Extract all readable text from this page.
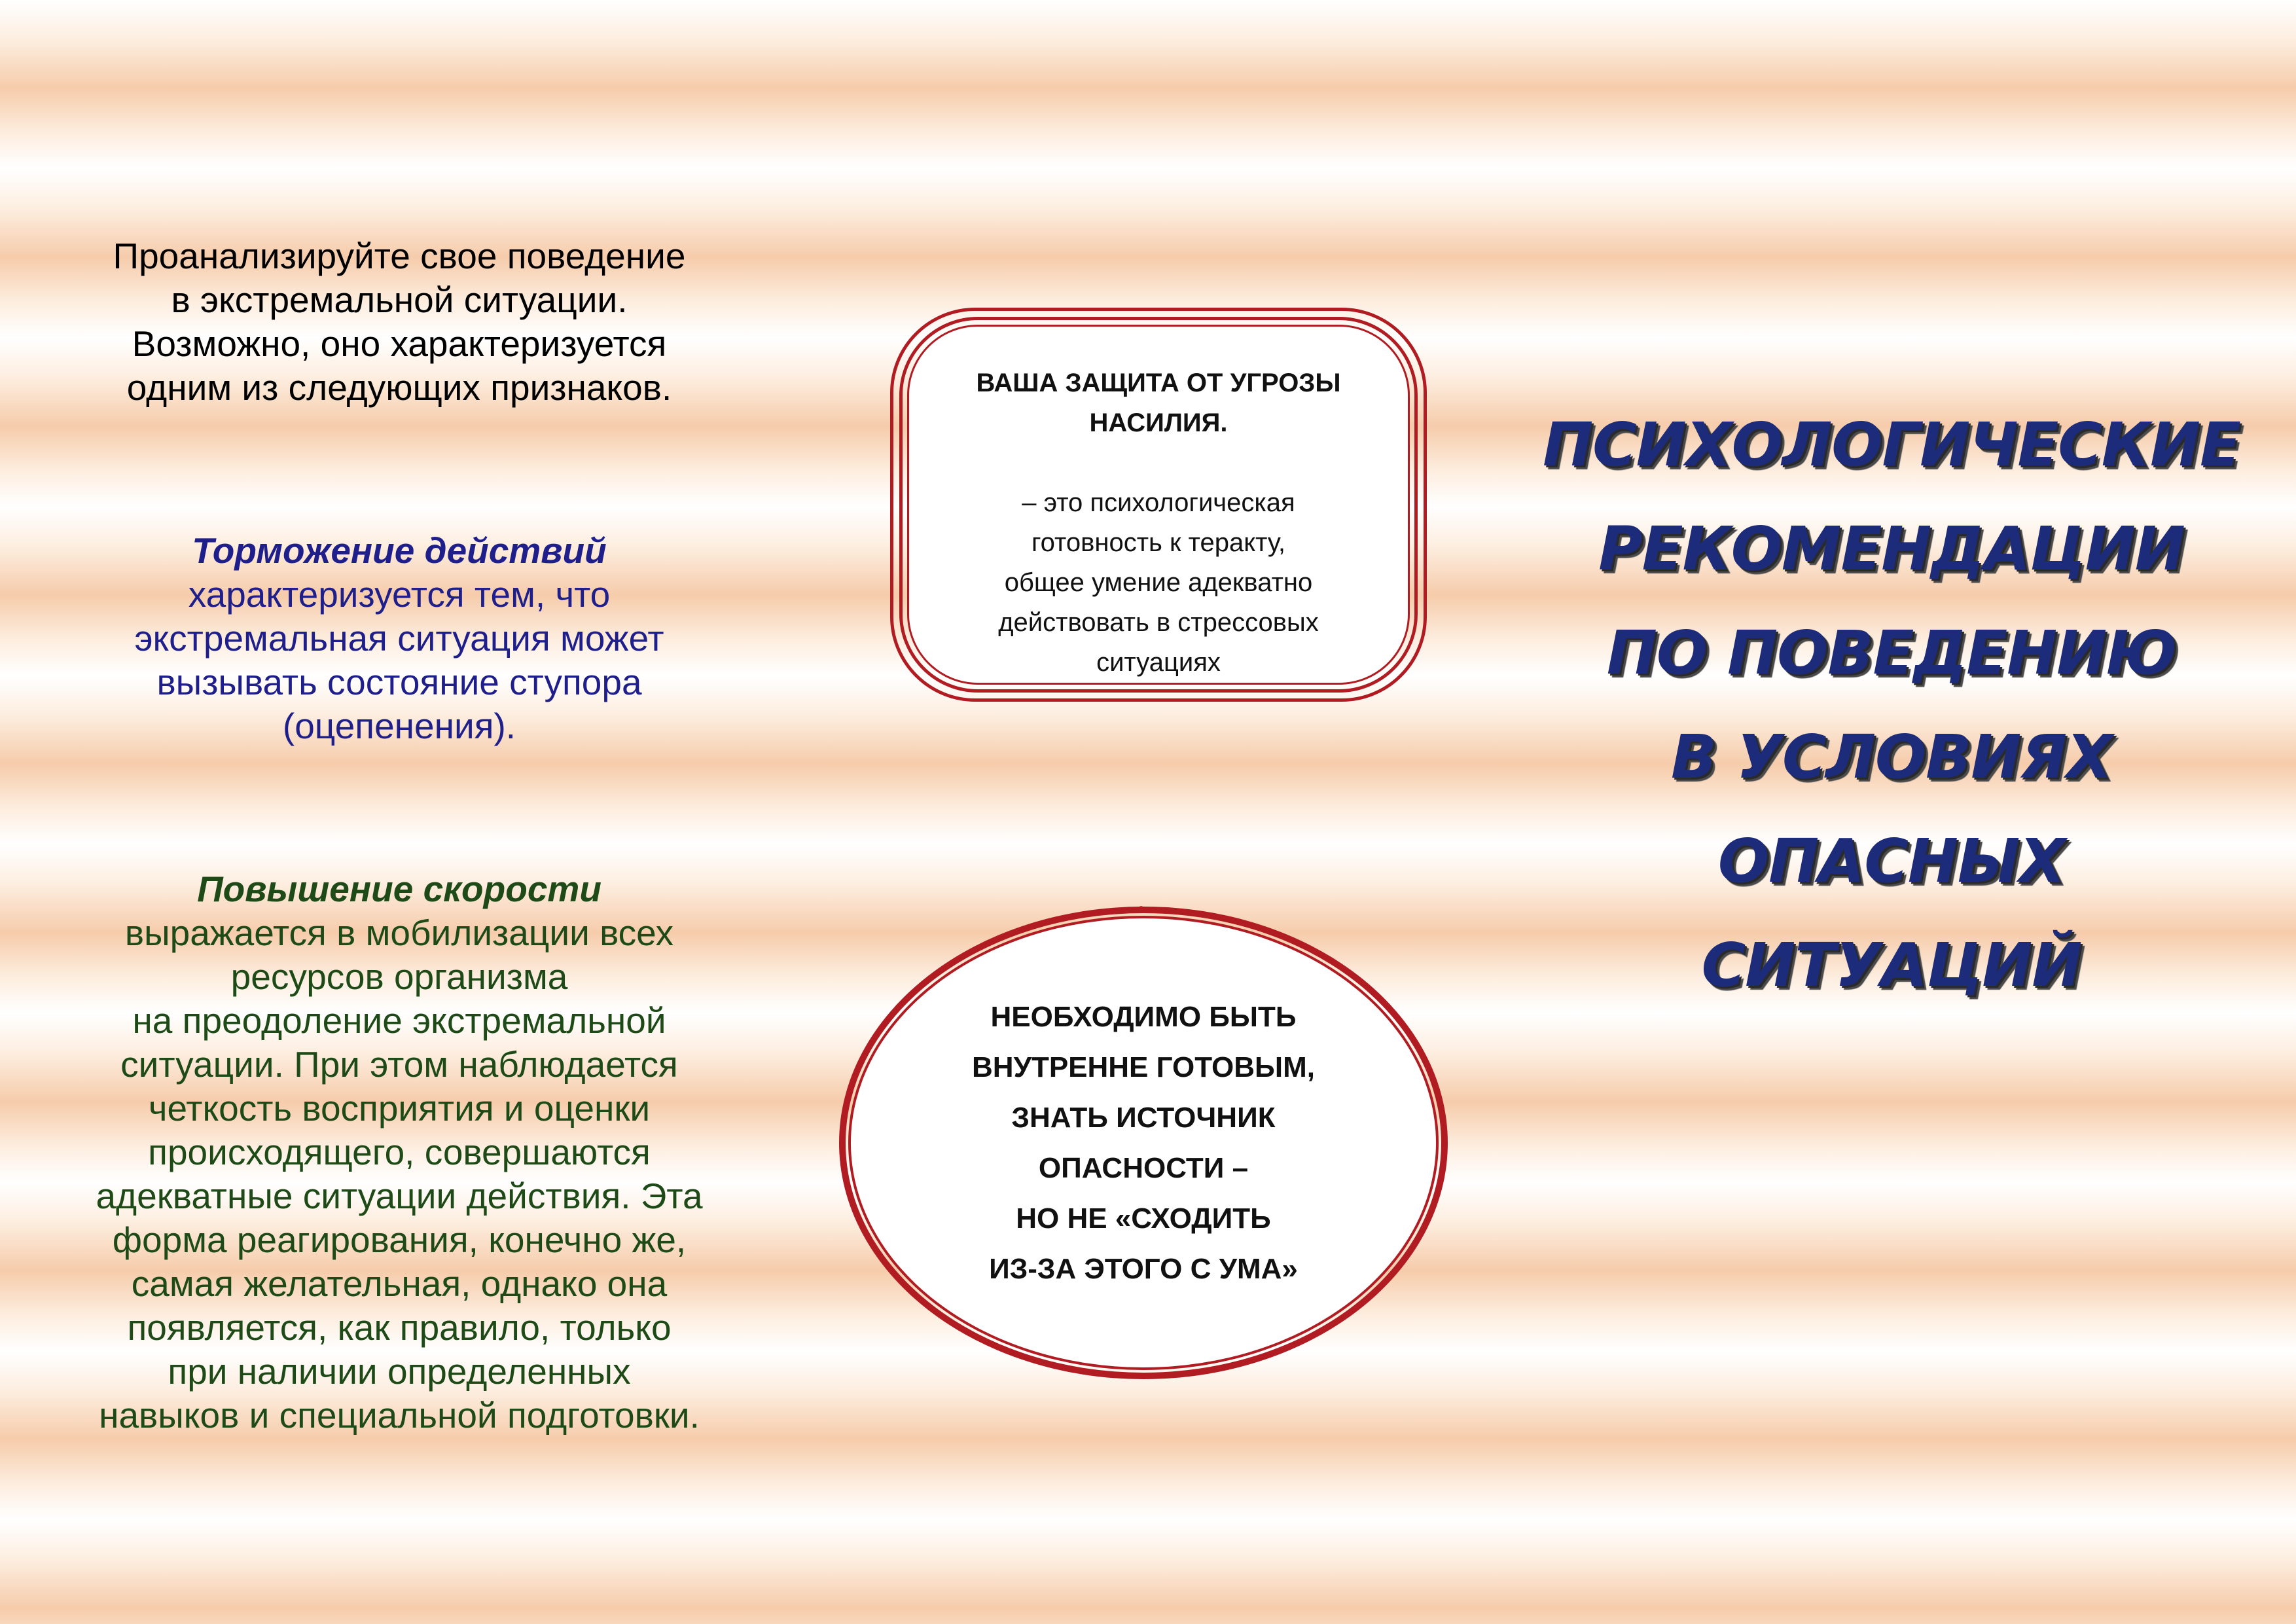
Проанализируйте свое поведение
в экстремальной ситуации.
Возможно, оно характеризуется
одним из следующих признаков.
Торможение действий
характеризуется тем, что
экстремальная ситуация может
вызывать состояние ступора
(оцепенения).
Повышение скорости
выражается в мобилизации всех
ресурсов организма
на преодоление экстремальной
ситуации. При этом наблюдается
четкость восприятия и оценки
происходящего, совершаются
адекватные ситуации действия. Эта
форма реагирования, конечно же,
самая желательная, однако она
появляется, как правило, только
при наличии определенных
навыков и специальной подготовки.
ВАША ЗАЩИТА ОТ УГРОЗЫ
НАСИЛИЯ.
– это психологическая
готовность к теракту,
общее умение адекватно
действовать в стрессовых
ситуациях
НЕОБХОДИМО БЫТЬ
ВНУТРЕННЕ ГОТОВЫМ,
ЗНАТЬ ИСТОЧНИК
ОПАСНОСТИ –
НО НЕ «СХОДИТЬ
ИЗ-ЗА ЭТОГО С УМА»
ПСИХОЛОГИЧЕСКИЕ
РЕКОМЕНДАЦИИ
ПО ПОВЕДЕНИЮ
В УСЛОВИЯХ
ОПАСНЫХ
СИТУАЦИЙ
